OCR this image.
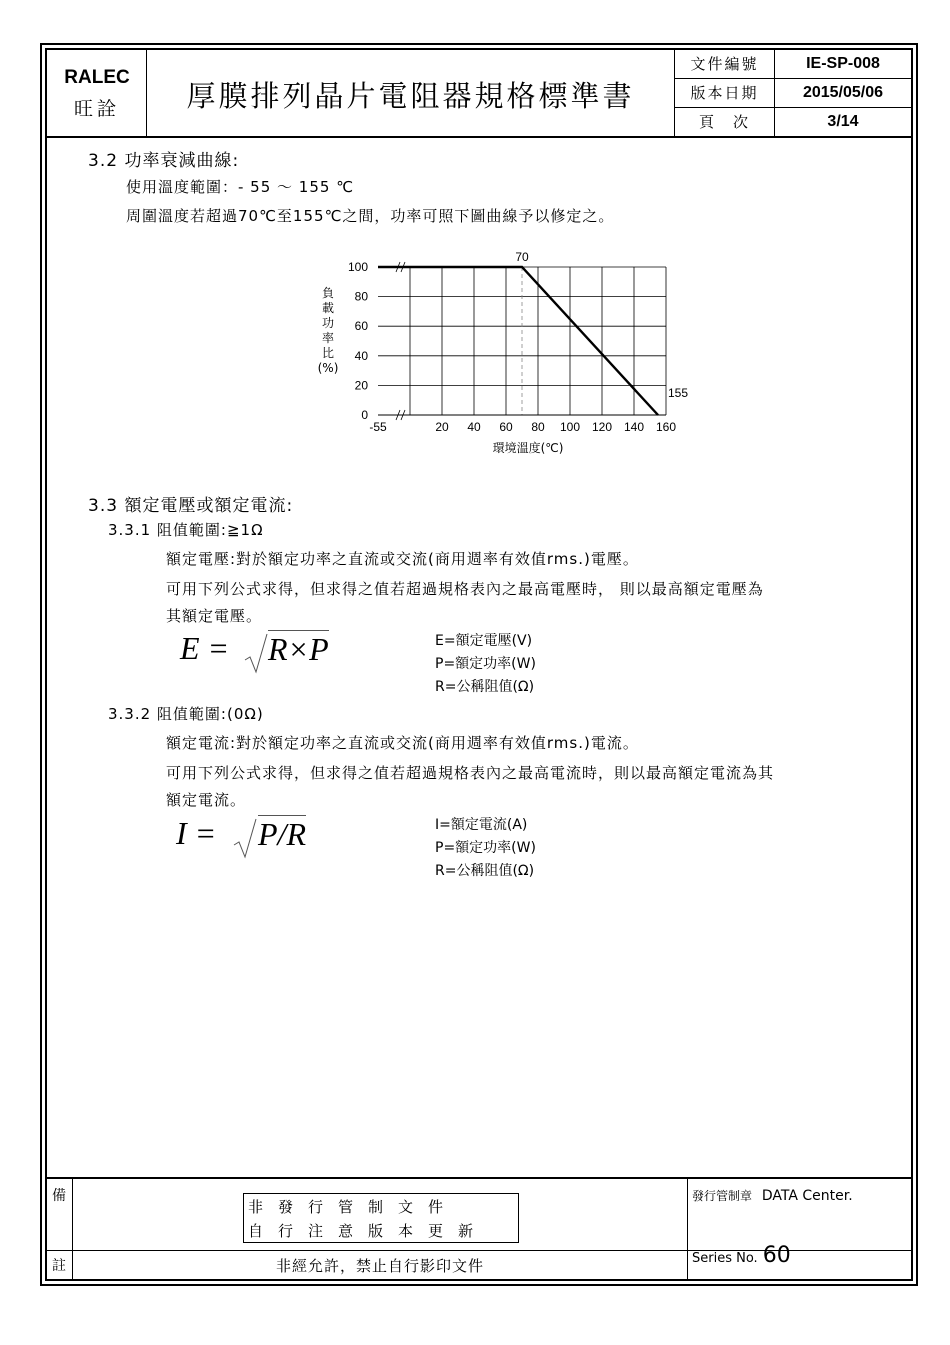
RALEC
旺詮	厚膜排列晶片電阻器規格標準書
文件編號	IE-SP-008
版本日期	2015/05/06
頁　次	3/14
3.2 功率衰減曲線:
使用溫度範圍：- 55 ～ 155 ℃
周圍溫度若超過70℃至155℃之間，功率可照下圖曲線予以修定之。
0
20
40
60
80
100
-55	20 40 60 80 100 120 140 160
70
155
負
載
功
率
比
(%)
環境溫度(℃)
3.3 額定電壓或額定電流:
3.3.1 阻值範圍:≧1Ω
額定電壓:對於額定功率之直流或交流(商用週率有效值rms.)電壓。
可用下列公式求得，但求得之值若超過規格表內之最高電壓時， 則以最高額定電壓為
其額定電壓。
E = R×P	E=額定電壓(V)
P=額定功率(W)
R=公稱阻值(Ω)
3.3.2 阻值範圍:(0Ω)
額定電流:對於額定功率之直流或交流(商用週率有效值rms.)電流。
可用下列公式求得，但求得之值若超過規格表內之最高電流時，則以最高額定電流為其
額定電流。
I = P/R	I=額定電流(A)
P=額定功率(W)
R=公稱阻值(Ω)
備
註
非發行管制文件
自行注意版本更新
非經允許，禁止自行影印文件
發行管制章 DATA Center.
Series No. 60
